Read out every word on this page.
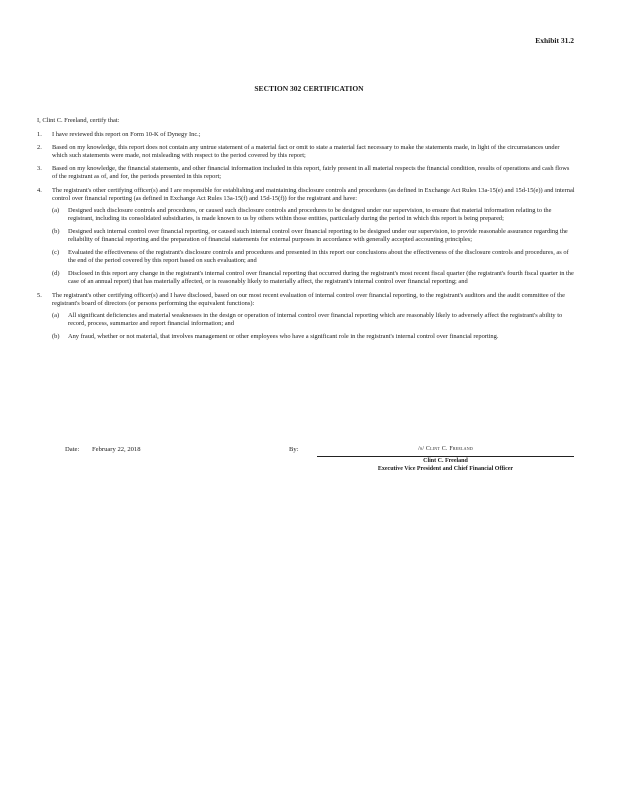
Exhibit 31.2
SECTION 302 CERTIFICATION

I, Clint C. Freeland, certify that:

1. I have reviewed this report on Form 10-K of Dynegy Inc.;
2. Based on my knowledge, this report does not contain any untrue statement of a material fact or omit to state a material fact necessary to make the statements made, in light of the circumstances under which such statements were made, not misleading with respect to the period covered by this report;
3. Based on my knowledge, the financial statements, and other financial information included in this report, fairly present in all material respects the financial condition, results of operations and cash flows of the registrant as of, and for, the periods presented in this report;
4. The registrant's other certifying officer(s) and I are responsible for establishing and maintaining disclosure controls and procedures (as defined in Exchange Act Rules 13a-15(e) and 15d-15(e)) and internal control over financial reporting (as defined in Exchange Act Rules 13a-15(f) and 15d-15(f)) for the registrant and have:
(a) Designed such disclosure controls and procedures, or caused such disclosure controls and procedures to be designed under our supervision, to ensure that material information relating to the registrant, including its consolidated subsidiaries, is made known to us by others within those entities, particularly during the period in which this report is being prepared;
(b) Designed such internal control over financial reporting, or caused such internal control over financial reporting to be designed under our supervision, to provide reasonable assurance regarding the reliability of financial reporting and the preparation of financial statements for external purposes in accordance with generally accepted accounting principles;
(c) Evaluated the effectiveness of the registrant's disclosure controls and procedures and presented in this report our conclusions about the effectiveness of the disclosure controls and procedures, as of the end of the period covered by this report based on such evaluation; and
(d) Disclosed in this report any change in the registrant's internal control over financial reporting that occurred during the registrant's most recent fiscal quarter (the registrant's fourth fiscal quarter in the case of an annual report) that has materially affected, or is reasonably likely to materially affect, the registrant's internal control over financial reporting; and
5. The registrant's other certifying officer(s) and I have disclosed, based on our most recent evaluation of internal control over financial reporting, to the registrant's auditors and the audit committee of the registrant's board of directors (or persons performing the equivalent functions):
(a) All significant deficiencies and material weaknesses in the design or operation of internal control over financial reporting which are reasonably likely to adversely affect the registrant's ability to record, process, summarize and report financial information; and
(b) Any fraud, whether or not material, that involves management or other employees who have a significant role in the registrant's internal control over financial reporting.
Date: February 22, 2018	By:	/s/ Clint C. Freeland
Clint C. Freeland
Executive Vice President and Chief Financial Officer
